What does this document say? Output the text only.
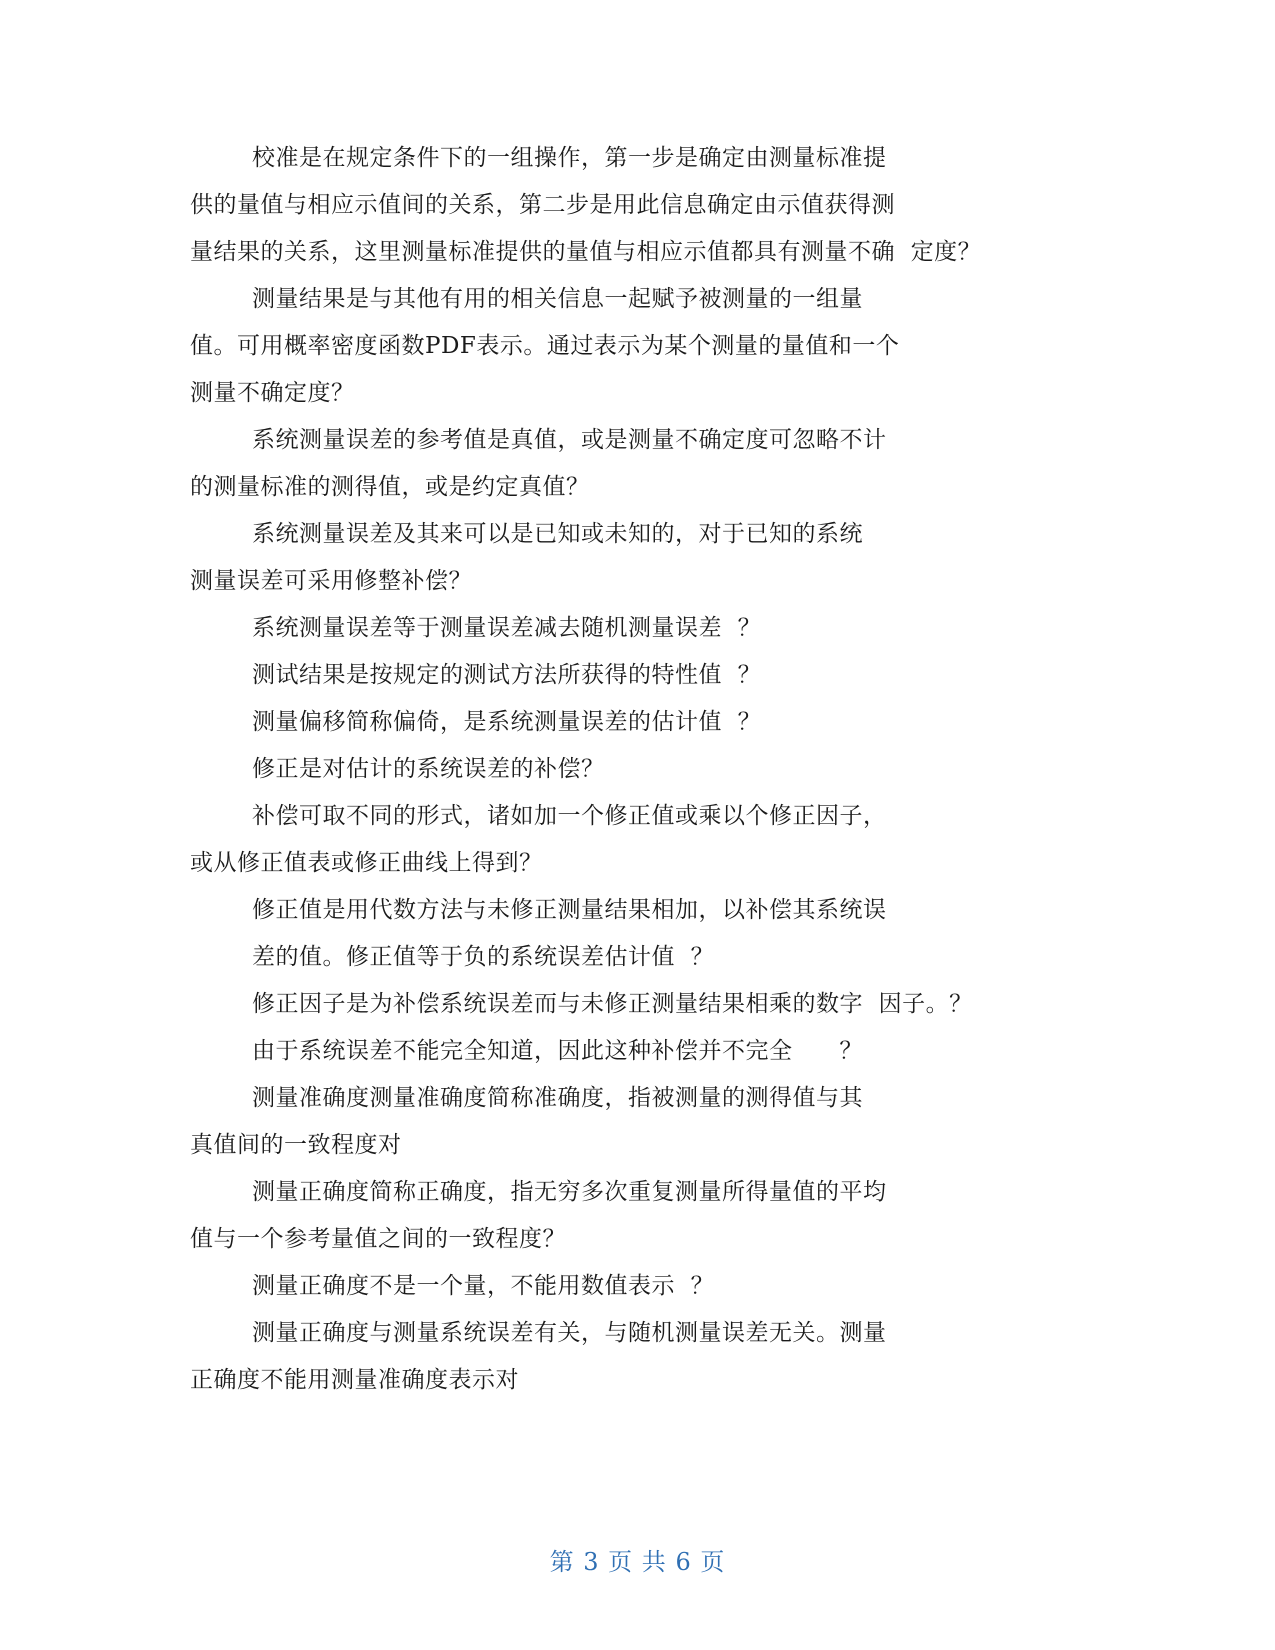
校准是在规定条件下的一组操作，第一步是确定由测量标准提
供的量值与相应示值间的关系，第二步是用此信息确定由示值获得测
量结果的关系，这里测量标准提供的量值与相应示值都具有测量不确  定度？
测量结果是与其他有用的相关信息一起赋予被测量的一组量
值。可用概率密度函数PDF表示。通过表示为某个测量的量值和一个
测量不确定度？
系统测量误差的参考值是真值，或是测量不确定度可忽略不计
的测量标准的测得值，或是约定真值？
系统测量误差及其来可以是已知或未知的，对于已知的系统
测量误差可采用修整补偿？
系统测量误差等于测量误差减去随机测量误差  ？
测试结果是按规定的测试方法所获得的特性值  ？
测量偏移简称偏倚，是系统测量误差的估计值  ？
修正是对估计的系统误差的补偿？
补偿可取不同的形式，诸如加一个修正值或乘以个修正因子，
或从修正值表或修正曲线上得到？
修正值是用代数方法与未修正测量结果相加，以补偿其系统误
差的值。修正值等于负的系统误差估计值  ？
修正因子是为补偿系统误差而与未修正测量结果相乘的数字  因子。？
由于系统误差不能完全知道，因此这种补偿并不完全      ？
测量准确度测量准确度简称准确度，指被测量的测得值与其
真值间的一致程度对
测量正确度简称正确度，指无穷多次重复测量所得量值的平均
值与一个参考量值之间的一致程度？
测量正确度不是一个量，不能用数值表示  ？
测量正确度与测量系统误差有关，与随机测量误差无关。测量
正确度不能用测量准确度表示对
第 3 页 共 6 页
